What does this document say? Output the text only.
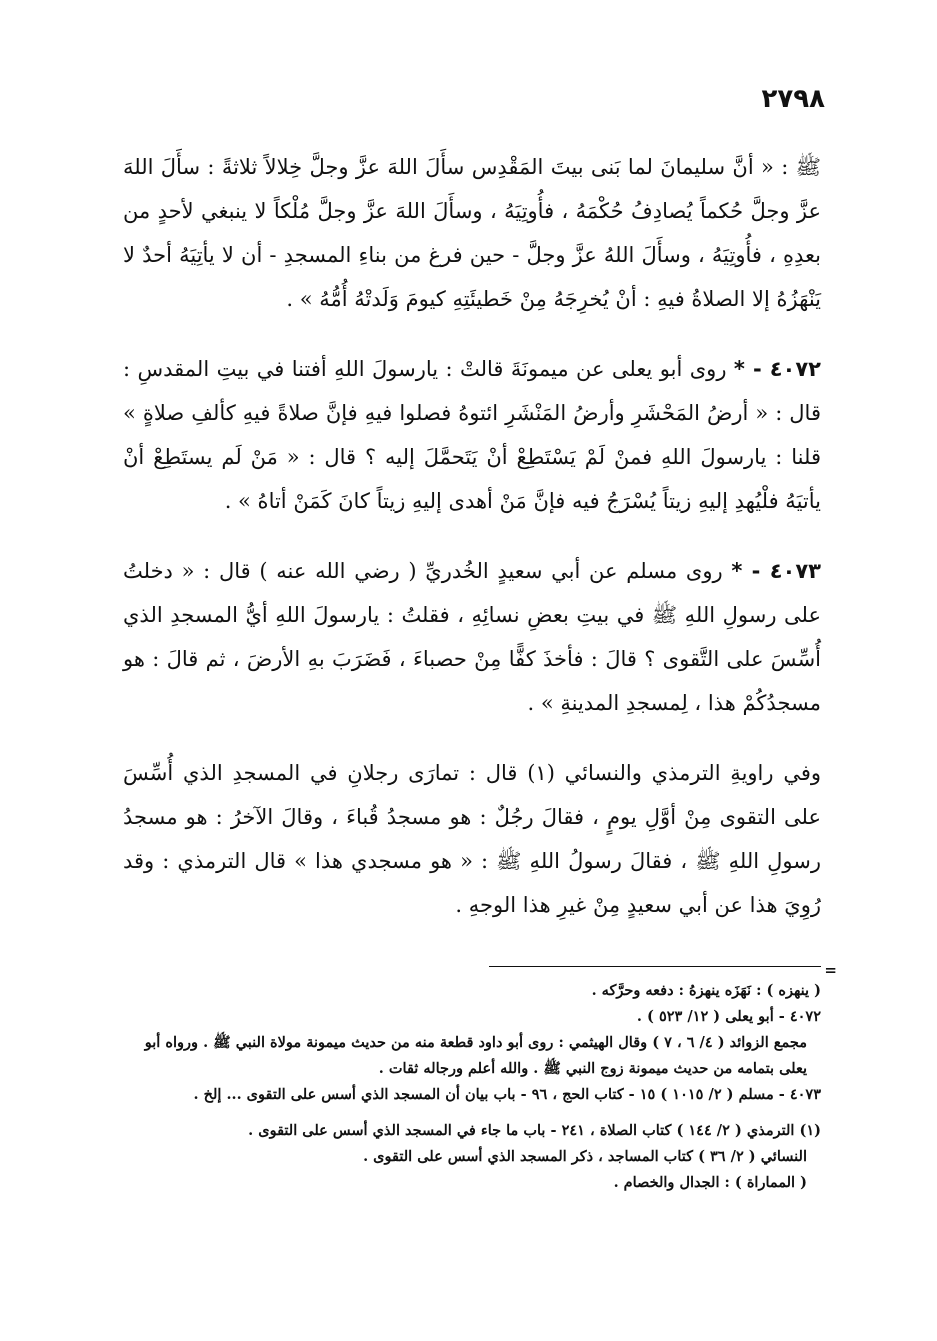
٢٧٩٨

ﷺ : « أنَّ سليمانَ لما بَنى بيتَ المَقْدِس سأَلَ اللهَ عزَّ وجلَّ خِلالاً ثلاثةً : سأَلَ اللهَ عزَّ وجلَّ حُكماً يُصادِفُ حُكْمَهُ ، فأُوتِيَهُ ، وسأَلَ اللهَ عزَّ وجلَّ مُلْكاً لا ينبغي لأحدٍ من بعدِهِ ، فأُوتِيَهُ ، وسأَلَ اللهُ عزَّ وجلَّ - حين فرغ من بناءِ المسجدِ - أن لا يأتِيَهُ أحدٌ لا يَنْهَزُهُ إلا الصلاةُ فيهِ : أنْ يُخرِجَهُ مِنْ خَطيئَتِهِ كيومَ وَلَدتْهُ أُمُّهُ » .

٤٠٧٢ - * روى أبو يعلى عن ميمونَةَ قالتْ : يارسولَ اللهِ أفتنا في بيتِ المقدسِ : قال : « أرضُ المَحْشَرِ وأرضُ المَنْشَرِ ائتوهُ فصلوا فيهِ فإنَّ صلاةً فيهِ كألفِ صلاةٍ » قلنا : يارسولَ اللهِ فمنْ لَمْ يَسْتَطِعْ أنْ يَتَحمَّلَ إليه ؟ قال : « مَنْ لَم يستَطِعْ أنْ يأتيَهُ فلْيُهدِ إليهِ زيتاً يُسْرَجُ فيه فإنَّ مَنْ أهدى إليهِ زيتاً كانَ كَمَنْ أتاهُ » .

٤٠٧٣ - * روى مسلم عن أبي سعيدٍ الخُدريِّ ( رضي الله عنه ) قال : « دخلتُ على رسولِ اللهِ ﷺ في بيتِ بعضِ نسائِهِ ، فقلتُ : يارسولَ اللهِ أيُّ المسجدِ الذي أُسِّسَ على التَّقوى ؟ قالَ : فأخذَ كفًّا مِنْ حصباءَ ، فَضَرَبَ بهِ الأرضَ ، ثم قالَ : هو مسجدُكُمْ هذا ، لِمسجدِ المدينةِ » .

وفي راويةِ الترمذي والنسائي (١) قال : تمارَى رجلانِ في المسجدِ الذي أُسِّسَ على التقوى مِنْ أوَّلِ يومٍ ، فقالَ رجُلٌ : هو مسجدُ قُباءَ ، وقالَ الآخرُ : هو مسجدُ رسولِ اللهِ ﷺ ، فقالَ رسولُ اللهِ ﷺ : « هو مسجدي هذا » قال الترمذي : وقد رُوِيَ هذا عن أبي سعيدٍ مِنْ غيرِ هذا الوجهِ .

=

( ينهزه ) : نَهَزَه ينهزهُ : دفعه وحرَّكه .

٤٠٧٢ - أبو يعلى ( ١٢/ ٥٢٣ ) .

مجمع الزوائد ( ٤/ ٦ ، ٧ ) وقال الهيثمي : روى أبو داود قطعة منه من حديث ميمونة مولاة النبي ﷺ . ورواه أبو يعلى بتمامه من حديث ميمونة زوج النبي ﷺ . والله أعلم ورجاله ثقات .

٤٠٧٣ - مسلم ( ٢/ ١٠١٥ ) ١٥ - كتاب الحج ، ٩٦ - باب بيان أن المسجد الذي أسس على التقوى ... إلخ .

(١) الترمذي ( ٢/ ١٤٤ ) كتاب الصلاة ، ٢٤١ - باب ما جاء في المسجد الذي أسس على التقوى .

النسائي ( ٢/ ٣٦ ) كتاب المساجد ، ذكر المسجد الذي أسس على التقوى .

( المماراة ) : الجدال والخصام .
